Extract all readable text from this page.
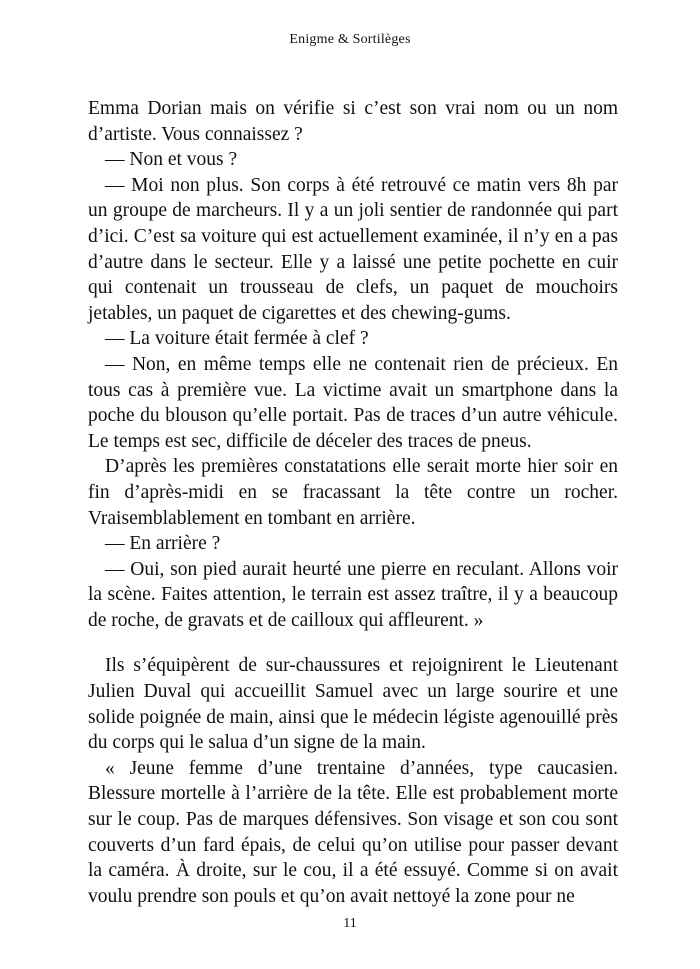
Enigme & Sortilèges

Emma Dorian mais on vérifie si c’est son vrai nom ou un nom d’artiste. Vous connaissez ?

— Non et vous ?

— Moi non plus. Son corps à été retrouvé ce matin vers 8h par un groupe de marcheurs. Il y a un joli sentier de randonnée qui part d’ici. C’est sa voiture qui est actuellement examinée, il n’y en a pas d’autre dans le secteur. Elle y a laissé une petite pochette en cuir qui contenait un trousseau de clefs, un paquet de mouchoirs jetables, un paquet de cigarettes et des chewing-gums.

— La voiture était fermée à clef ?

— Non, en même temps elle ne contenait rien de précieux. En tous cas à première vue. La victime avait un smartphone dans la poche du blouson qu’elle portait. Pas de traces d’un autre véhicule. Le temps est sec, difficile de déceler des traces de pneus.

D’après les premières constatations elle serait morte hier soir en fin d’après-midi en se fracassant la tête contre un rocher. Vraisemblablement en tombant en arrière.

— En arrière ?

— Oui, son pied aurait heurté une pierre en reculant. Allons voir la scène. Faites attention, le terrain est assez traître, il y a beaucoup de roche, de gravats et de cailloux qui affleurent. »

Ils s’équipèrent de sur-chaussures et rejoignirent le Lieutenant Julien Duval qui accueillit Samuel avec un large sourire et une solide poignée de main, ainsi que le médecin légiste agenouillé près du corps qui le salua d’un signe de la main.

« Jeune femme d’une trentaine d’années, type caucasien. Blessure mortelle à l’arrière de la tête. Elle est probablement morte sur le coup. Pas de marques défensives. Son visage et son cou sont couverts d’un fard épais, de celui qu’on utilise pour passer devant la caméra. À droite, sur le cou, il a été essuyé. Comme si on avait voulu prendre son pouls et qu’on avait nettoyé la zone pour ne

11
